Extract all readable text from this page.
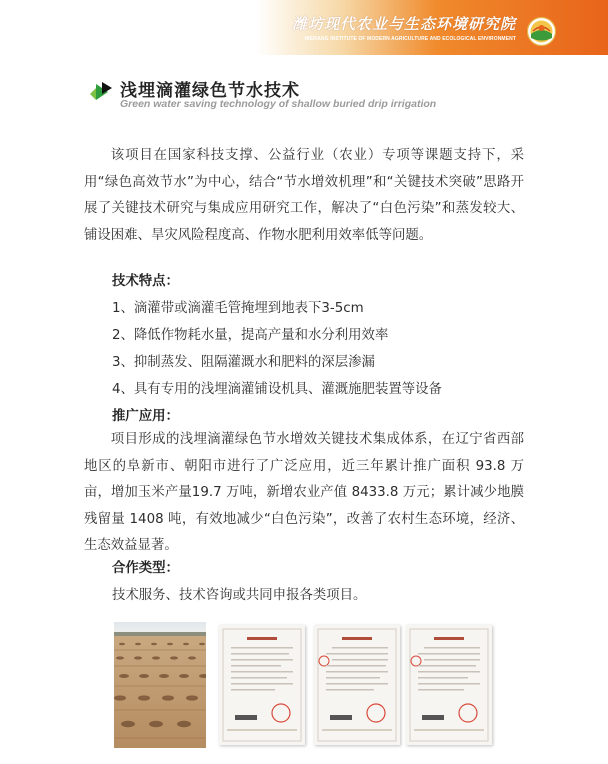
潍坊现代农业与生态环境研究院
WEIFANG INSTITUTE OF MODERN AGRICULTURE AND ECOLOGICAL ENVIRONMENT
浅埋滴灌绿色节水技术
Green water saving technology of shallow buried drip irrigation

该项目在国家科技支撑、公益行业（农业）专项等课题支持下，采用“绿色高效节水”为中心，结合“节水增效机理”和“关键技术突破”思路开展了关键技术研究与集成应用研究工作，解决了“白色污染”和蒸发较大、铺设困难、旱灾风险程度高、作物水肥利用效率低等问题。

技术特点：

1、滴灌带或滴灌毛管掩埋到地表下3-5cm

2、降低作物耗水量，提高产量和水分利用效率

3、抑制蒸发、阻隔灌溉水和肥料的深层渗漏

4、具有专用的浅埋滴灌铺设机具、灌溉施肥装置等设备

推广应用：

项目形成的浅埋滴灌绿色节水增效关键技术集成体系，在辽宁省西部地区的阜新市、朝阳市进行了广泛应用，近三年累计推广面积 93.8 万亩，增加玉米产量19.7 万吨，新增农业产值 8433.8 万元；累计减少地膜残留量 1408 吨，有效地减少“白色污染”，改善了农村生态环境，经济、生态效益显著。

合作类型：

技术服务、技术咨询或共同申报各类项目。
